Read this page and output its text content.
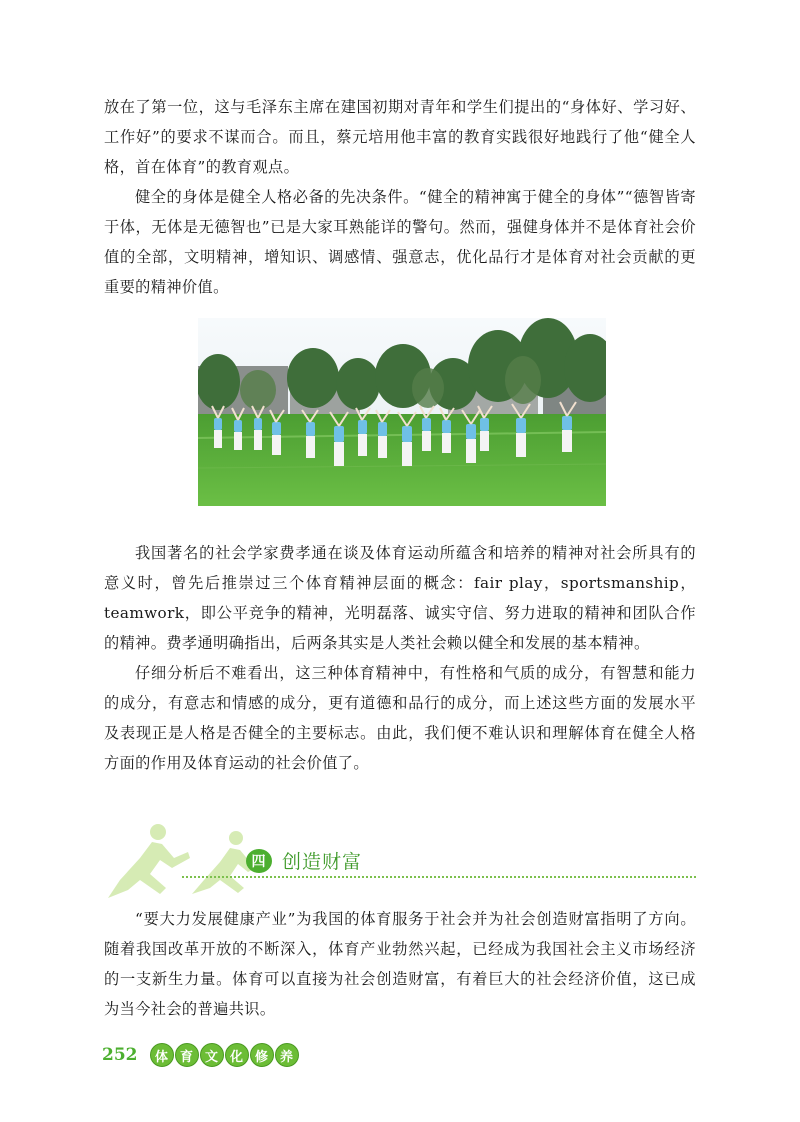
放在了第一位，这与毛泽东主席在建国初期对青年和学生们提出的“身体好、学习好、工作好”的要求不谋而合。而且，蔡元培用他丰富的教育实践很好地践行了他“健全人格，首在体育”的教育观点。

健全的身体是健全人格必备的先决条件。“健全的精神寓于健全的身体”“德智皆寄于体，无体是无德智也”已是大家耳熟能详的警句。然而，强健身体并不是体育社会价值的全部，文明精神，增知识、调感情、强意志，优化品行才是体育对社会贡献的更重要的精神价值。

我国著名的社会学家费孝通在谈及体育运动所蕴含和培养的精神对社会所具有的意义时，曾先后推崇过三个体育精神层面的概念：fair play，sportsmanship，teamwork，即公平竞争的精神，光明磊落、诚实守信、努力进取的精神和团队合作的精神。费孝通明确指出，后两条其实是人类社会赖以健全和发展的基本精神。

仔细分析后不难看出，这三种体育精神中，有性格和气质的成分，有智慧和能力的成分，有意志和情感的成分，更有道德和品行的成分，而上述这些方面的发展水平及表现正是人格是否健全的主要标志。由此，我们便不难认识和理解体育在健全人格方面的作用及体育运动的社会价值了。

四 创造财富

“要大力发展健康产业”为我国的体育服务于社会并为社会创造财富指明了方向。随着我国改革开放的不断深入，体育产业勃然兴起，已经成为我国社会主义市场经济的一支新生力量。体育可以直接为社会创造财富，有着巨大的社会经济价值，这已成为当今社会的普遍共识。

252	体 育 文 化 修 养
